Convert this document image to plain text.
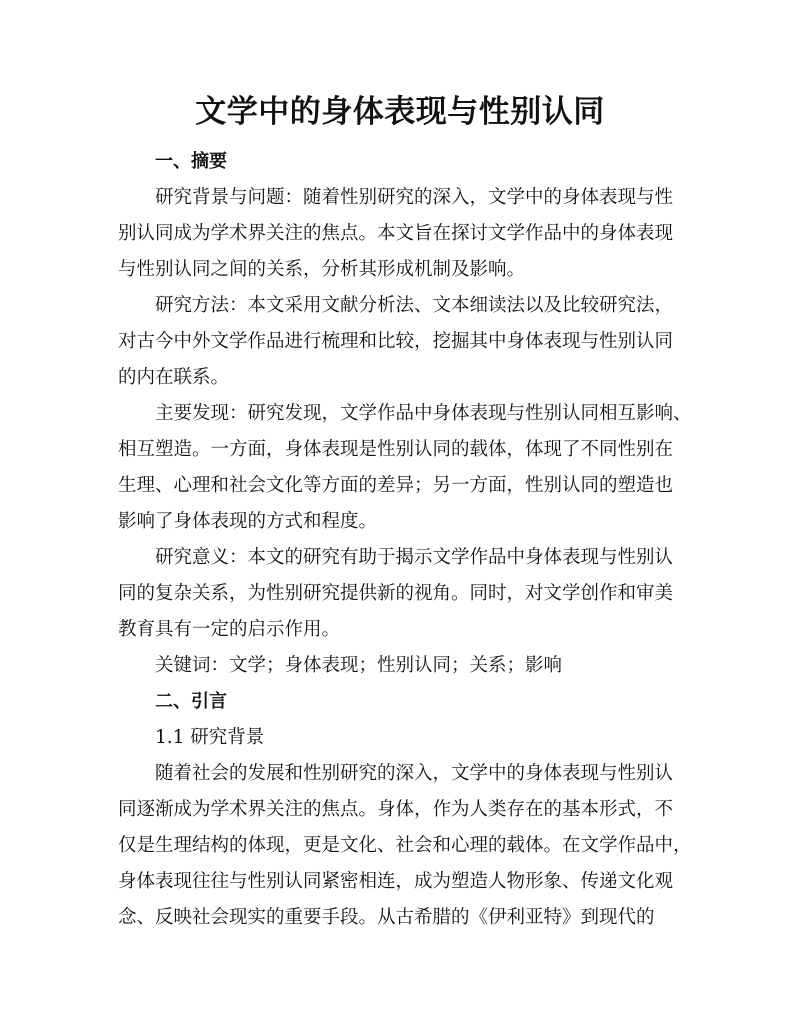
文学中的身体表现与性别认同
一、摘要
研究背景与问题：随着性别研究的深入，文学中的身体表现与性
别认同成为学术界关注的焦点。本文旨在探讨文学作品中的身体表现
与性别认同之间的关系，分析其形成机制及影响。
研究方法：本文采用文献分析法、文本细读法以及比较研究法，
对古今中外文学作品进行梳理和比较，挖掘其中身体表现与性别认同
的内在联系。
主要发现：研究发现，文学作品中身体表现与性别认同相互影响、
相互塑造。一方面，身体表现是性别认同的载体，体现了不同性别在
生理、心理和社会文化等方面的差异；另一方面，性别认同的塑造也
影响了身体表现的方式和程度。
研究意义：本文的研究有助于揭示文学作品中身体表现与性别认
同的复杂关系，为性别研究提供新的视角。同时，对文学创作和审美
教育具有一定的启示作用。
关键词：文学；身体表现；性别认同；关系；影响
二、引言
1.1 研究背景
随着社会的发展和性别研究的深入，文学中的身体表现与性别认
同逐渐成为学术界关注的焦点。身体，作为人类存在的基本形式，不
仅是生理结构的体现，更是文化、社会和心理的载体。在文学作品中，
身体表现往往与性别认同紧密相连，成为塑造人物形象、传递文化观
念、反映社会现实的重要手段。从古希腊的《伊利亚特》到现代的
